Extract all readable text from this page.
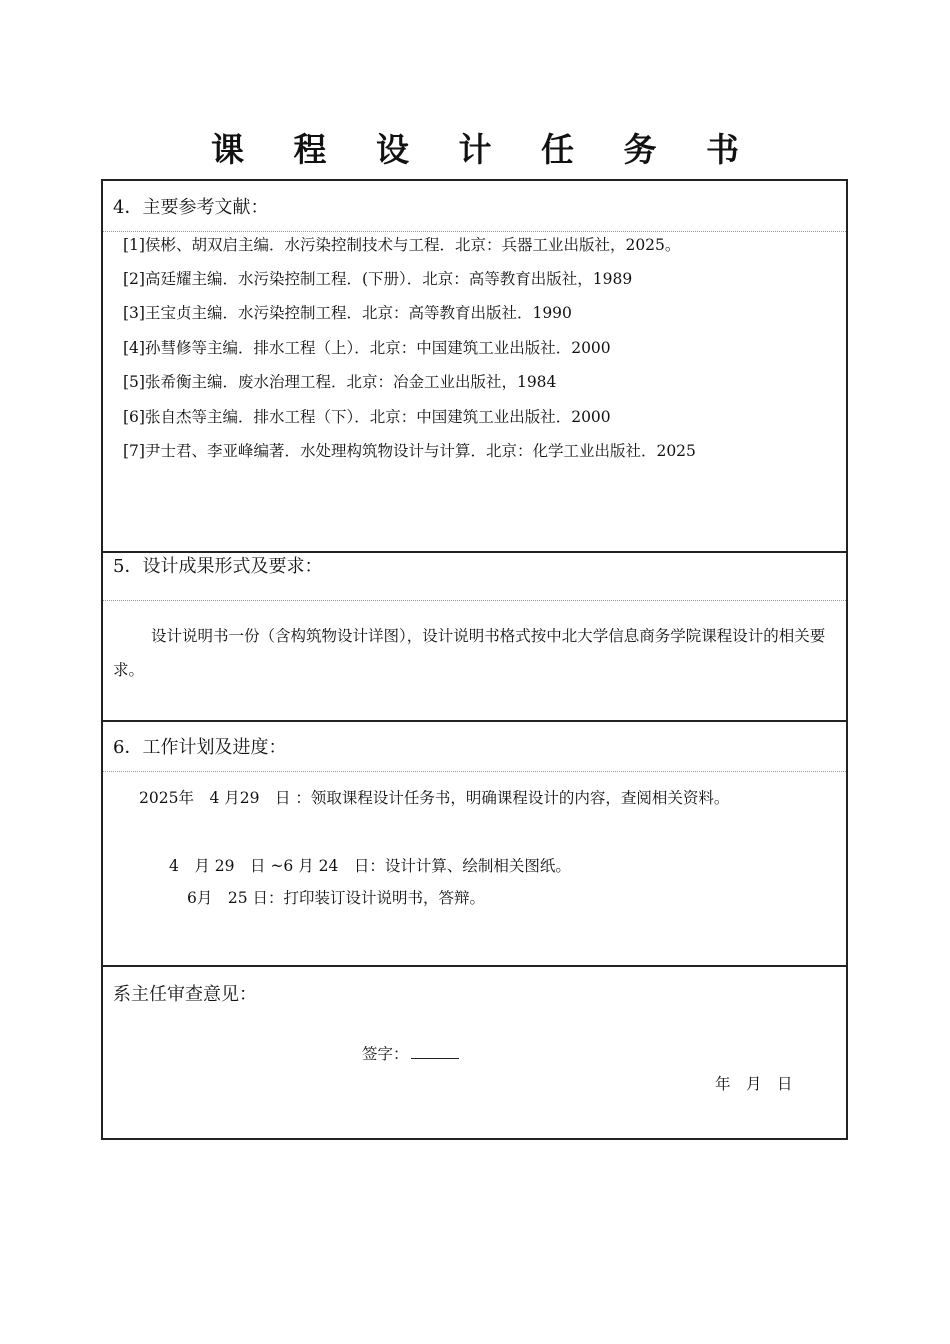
课 程 设 计 任 务 书
4．主要参考文献：
[1]侯彬、胡双启主编．水污染控制技术与工程．北京：兵器工业出版社，2025。
[2]高廷耀主编．水污染控制工程．(下册）．北京：高等教育出版社，1989
[3]王宝贞主编．水污染控制工程．北京：高等教育出版社．1990
[4]孙彗修等主编．排水工程（上）．北京：中国建筑工业出版社．2000
[5]张希衡主编．废水治理工程．北京：冶金工业出版社，1984
[6]张自杰等主编．排水工程（下）．北京：中国建筑工业出版社．2000
[7]尹士君、李亚峰编著．水处理构筑物设计与计算．北京：化学工业出版社．2025
5．设计成果形式及要求：
设计说明书一份（含构筑物设计详图），设计说明书格式按中北大学信息商务学院课程设计的相关要求。
6．工作计划及进度：
2025年　4 月29　日 ：领取课程设计任务书，明确课程设计的内容，查阅相关资料。
4　月 29　日 ~6 月 24　日：设计计算、绘制相关图纸。
6月　25 日：打印装订设计说明书，答辩。
系主任审查意见：
签字：
年　月　日
